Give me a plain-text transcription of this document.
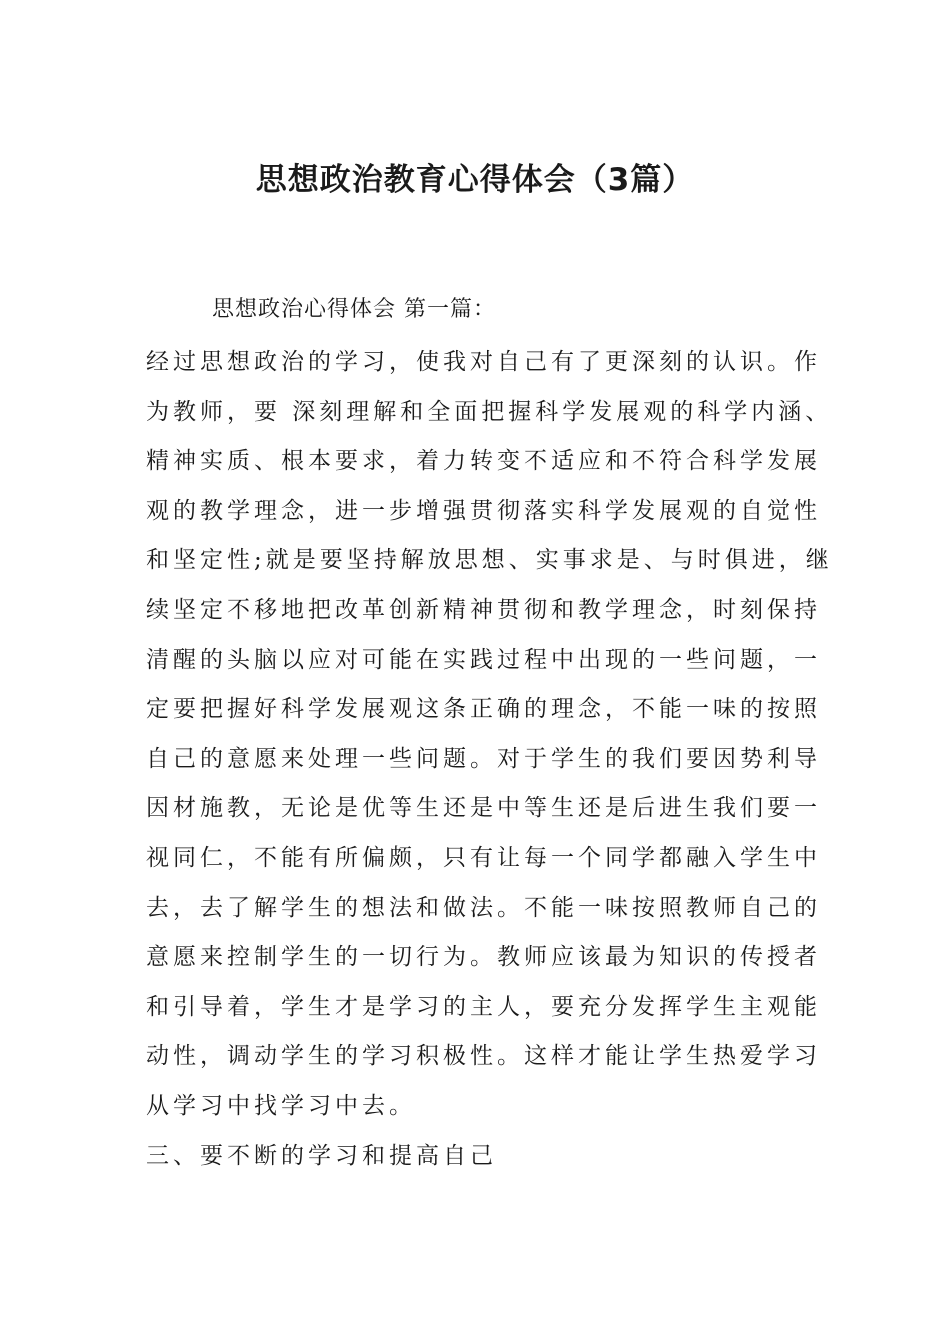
思想政治教育心得体会（3篇）

思想政治心得体会 第一篇：

经过思想政治的学习，使我对自己有了更深刻的认识。作
为教师，要 深刻理解和全面把握科学发展观的科学内涵、
精神实质、根本要求，着力转变不适应和不符合科学发展
观的教学理念，进一步增强贯彻落实科学发展观的自觉性
和坚定性;就是要坚持解放思想、实事求是、与时俱进，继
续坚定不移地把改革创新精神贯彻和教学理念，时刻保持
清醒的头脑以应对可能在实践过程中出现的一些问题，一
定要把握好科学发展观这条正确的理念，不能一味的按照
自己的意愿来处理一些问题。对于学生的我们要因势利导
因材施教，无论是优等生还是中等生还是后进生我们要一
视同仁，不能有所偏颇，只有让每一个同学都融入学生中
去，去了解学生的想法和做法。不能一味按照教师自己的
意愿来控制学生的一切行为。教师应该最为知识的传授者
和引导着，学生才是学习的主人，要充分发挥学生主观能
动性，调动学生的学习积极性。这样才能让学生热爱学习
从学习中找学习中去。
三、要不断的学习和提高自己
